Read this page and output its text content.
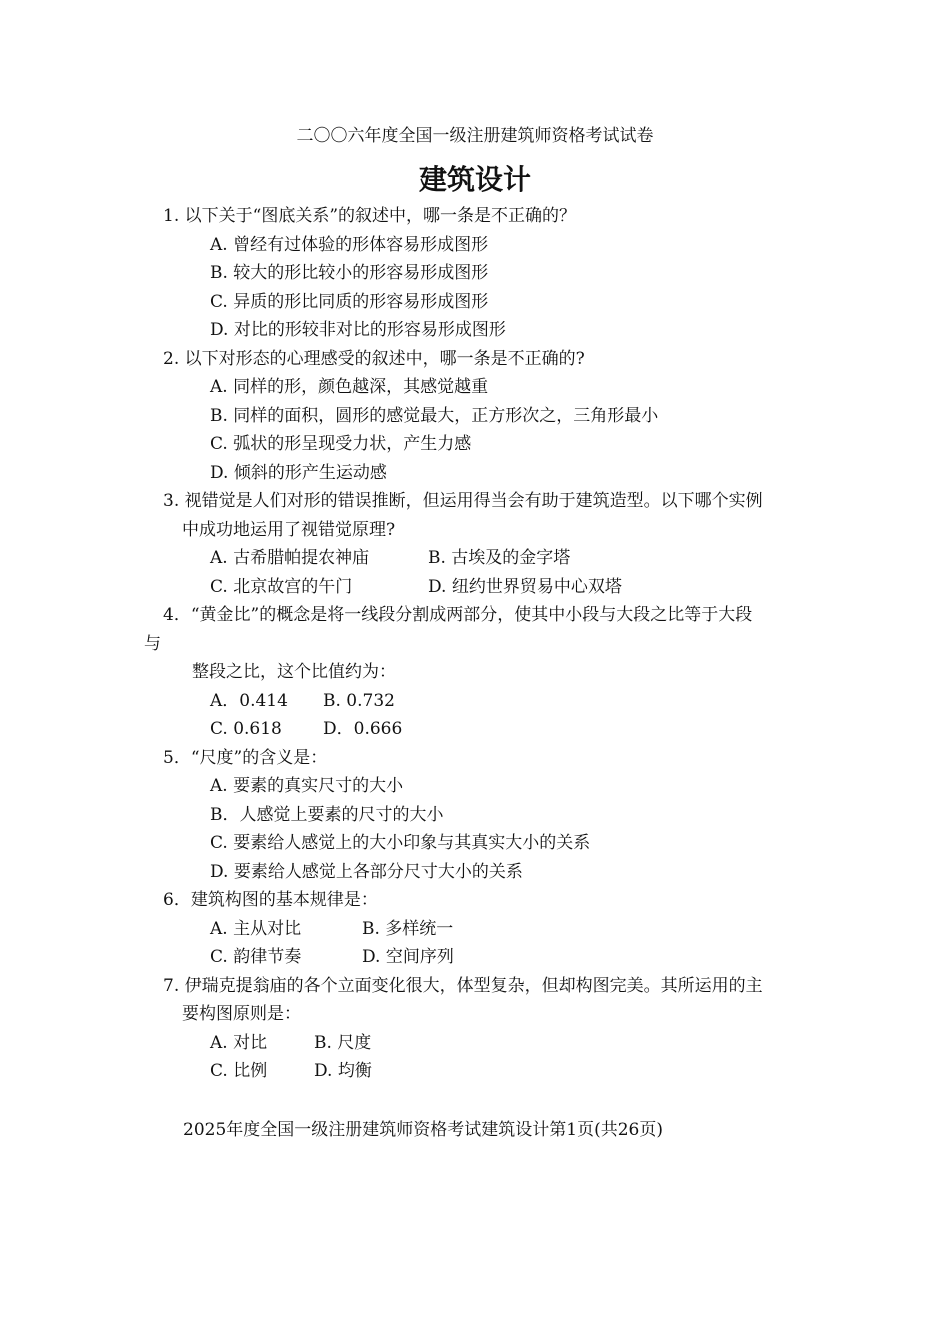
二〇〇六年度全国一级注册建筑师资格考试试卷
建筑设计
1. 以下关于“图底关系”的叙述中，哪一条是不正确的？
A. 曾经有过体验的形体容易形成图形
B. 较大的形比较小的形容易形成图形
C. 异质的形比同质的形容易形成图形
D. 对比的形较非对比的形容易形成图形
2. 以下对形态的心理感受的叙述中，哪一条是不正确的?
A. 同样的形，颜色越深，其感觉越重
B. 同样的面积，圆形的感觉最大，正方形次之，三角形最小
C. 弧状的形呈现受力状，产生力感
D. 倾斜的形产生运动感
3. 视错觉是人们对形的错误推断，但运用得当会有助于建筑造型。以下哪个实例
中成功地运用了视错觉原理?
A. 古希腊帕提农神庙	B. 古埃及的金字塔
C. 北京故宫的午门	D. 纽约世界贸易中心双塔
4．“黄金比”的概念是将一线段分割成两部分，使其中小段与大段之比等于大段
与
整段之比，这个比值约为：
A．0.414 B. 0.732
C. 0.618 D．0.666
5．“尺度”的含义是：
A. 要素的真实尺寸的大小
B．人感觉上要素的尺寸的大小
C. 要素给人感觉上的大小印象与其真实大小的关系
D. 要素给人感觉上各部分尺寸大小的关系
6．建筑构图的基本规律是：
A. 主从对比	B. 多样统一
C. 韵律节奏	D. 空间序列
7. 伊瑞克提翁庙的各个立面变化很大，体型复杂，但却构图完美。其所运用的主
要构图原则是：
A. 对比	B. 尺度
C. 比例	D. 均衡
2025年度全国一级注册建筑师资格考试建筑设计第1页(共26页)
